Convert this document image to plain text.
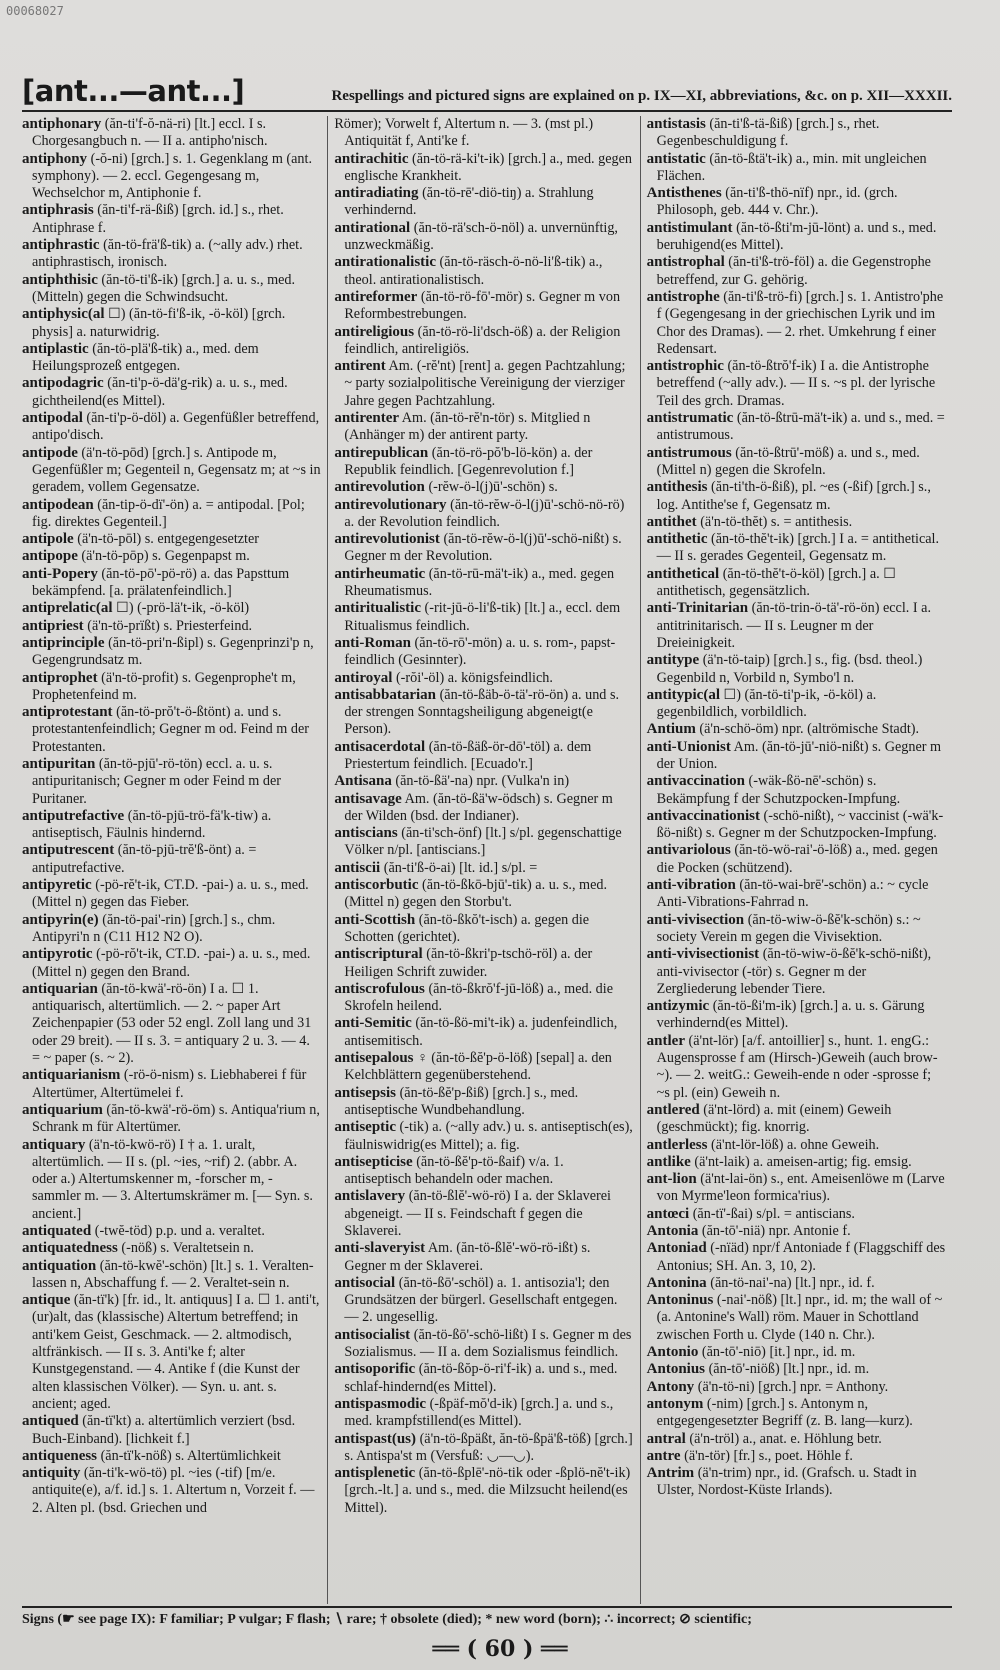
00068027
[ant...—ant...]	Respellings and pictured signs are explained on p. IX—XI, abbreviations, &c. on p. XII—XXXII.

antiphonary (ăn-ti'f-ŏ-nä-ri) [lt.] eccl. I s. Chorgesangbuch n. — II a. antipho'nisch.

antiphony (-ŏ-ni) [grch.] s. 1. Gegenklang m (ant. symphony). — 2. eccl. Gegengesang m, Wechselchor m, Antiphonie f.

antiphrasis (ăn-ti'f-rä-ßiß) [grch. id.] s., rhet. Antiphrase f.

antiphrastic (ăn-tö-frä'ß-tik) a. (~ally adv.) rhet. antiphrastisch, ironisch.

antiphthisic (ăn-tö-ti'ß-ik) [grch.] a. u. s., med. (Mitteln) gegen die Schwindsucht.

antiphysic(al ☐) (ăn-tö-fi'ß-ik, -ö-köl) [grch. physis] a. naturwidrig.

antiplastic (ăn-tö-plä'ß-tik) a., med. dem Heilungsprozeß entgegen.

antipodagric (ăn-ti'p-ö-dä'g-rik) a. u. s., med. gichtheilend(es Mittel).

antipodal (ăn-ti'p-ö-döl) a. Gegenfüßler betreffend, antipo'disch.

antipode (ä'n-tö-pōd) [grch.] s. Antipode m, Gegenfüßler m; Gegenteil n, Gegensatz m; at ~s in geradem, vollem Gegensatze.

antipodean (ăn-tip-ö-dï'-ön) a. = antipodal. [Pol; fig. direktes Gegenteil.]

antipole (ä'n-tö-pōl) s. entgegengesetzter

antipope (ä'n-tö-pōp) s. Gegenpapst m.

anti-Popery (ăn-tö-pō'-pö-rö) a. das Papsttum bekämpfend. [a. prälatenfeindlich.]

antiprelatic(al ☐) (-prö-lä't-ik, -ö-köl)

antipriest (ä'n-tö-prïßt) s. Priesterfeind.

antiprinciple (ăn-tö-pri'n-ßipl) s. Gegenprinzi'p n, Gegengrundsatz m.

antiprophet (ä'n-tö-profit) s. Gegenprophe't m, Prophetenfeind m.

antiprotestant (ăn-tö-prŏ't-ö-ßtönt) a. und s. protestantenfeindlich; Gegner m od. Feind m der Protestanten.

antipuritan (ăn-tö-pjū'-rö-tön) eccl. a. u. s. antipuritanisch; Gegner m oder Feind m der Puritaner.

antiputrefactive (ăn-tö-pjū-trö-fä'k-tiw) a. antiseptisch, Fäulnis hindernd.

antiputrescent (ăn-tö-pjū-trĕ'ß-önt) a. = antiputrefactive.

antipyretic (-pö-rĕ't-ik, CT.D. -pai-) a. u. s., med. (Mittel n) gegen das Fieber.

antipyrin(e) (ăn-tö-pai'-rin) [grch.] s., chm. Antipyri'n n (C11 H12 N2 O).

antipyrotic (-pö-rŏ't-ik, CT.D. -pai-) a. u. s., med. (Mittel n) gegen den Brand.

antiquarian (ăn-tö-kwä'-rö-ön) I a. ☐ 1. antiquarisch, altertümlich. — 2. ~ paper Art Zeichenpapier (53 oder 52 engl. Zoll lang und 31 oder 29 breit). — II s. 3. = antiquary 2 u. 3. — 4. = ~ paper (s. ~ 2).

antiquarianism (-rö-ö-nism) s. Liebhaberei f für Altertümer, Altertümelei f.

antiquarium (ăn-tö-kwä'-rö-öm) s. Antiqua'rium n, Schrank m für Altertümer.

antiquary (ä'n-tö-kwö-rö) I † a. 1. uralt, altertümlich. — II s. (pl. ~ies, ~rif) 2. (abbr. A. oder a.) Altertumskenner m, -forscher m, -sammler m. — 3. Altertumskrämer m. [— Syn. s. ancient.]

antiquated (-twĕ-töd) p.p. und a. veraltet.

antiquatedness (-nöß) s. Veraltetsein n.

antiquation (ăn-tö-kwĕ'-schön) [lt.] s. 1. Veralten-lassen n, Abschaffung f. — 2. Veraltet-sein n.

antique (ăn-tï'k) [fr. id., lt. antiquus] I a. ☐ 1. anti't, (ur)alt, das (klassische) Altertum betreffend; in anti'kem Geist, Geschmack. — 2. altmodisch, altfränkisch. — II s. 3. Anti'ke f; alter Kunstgegenstand. — 4. Antike f (die Kunst der alten klassischen Völker). — Syn. u. ant. s. ancient; aged.

antiqued (ăn-tï'kt) a. altertümlich verziert (bsd. Buch-Einband). [lichkeit f.]

antiqueness (ăn-tï'k-nöß) s. Altertümlichkeit

antiquity (ăn-ti'k-wö-tö) pl. ~ies (-tif) [m/e. antiquite(e), a/f. id.] s. 1. Altertum n, Vorzeit f. — 2. Alten pl. (bsd. Griechen und

Römer); Vorwelt f, Altertum n. — 3. (mst pl.) Antiquität f, Anti'ke f.

antirachitic (ăn-tö-rä-ki't-ik) [grch.] a., med. gegen englische Krankheit.

antiradiating (ăn-tö-rē'-diö-tiŋ) a. Strahlung verhindernd.

antirational (ăn-tö-rä'sch-ö-nöl) a. unvernünftig, unzweckmäßig.

antirationalistic (ăn-tö-räsch-ö-nö-li'ß-tik) a., theol. antirationalistisch.

antireformer (ăn-tö-rö-fō'-mör) s. Gegner m von Reformbestrebungen.

antireligious (ăn-tö-rö-li'dsch-öß) a. der Religion feindlich, antireligiös.

antirent Am. (-rĕ'nt) [rent] a. gegen Pachtzahlung; ~ party sozialpolitische Vereinigung der vierziger Jahre gegen Pachtzahlung.

antirenter Am. (ăn-tö-rĕ'n-tör) s. Mitglied n (Anhänger m) der antirent party.

antirepublican (ăn-tö-rö-pŏ'b-lö-kön) a. der Republik feindlich. [Gegenrevolution f.]

antirevolution (-rĕw-ö-l(j)ū'-schön) s.

antirevolutionary (ăn-tö-rĕw-ö-l(j)ū'-schö-nö-rö) a. der Revolution feindlich.

antirevolutionist (ăn-tö-rĕw-ö-l(j)ū'-schö-nißt) s. Gegner m der Revolution.

antirheumatic (ăn-tö-rū-mä't-ik) a., med. gegen Rheumatismus.

antiritualistic (-rit-jū-ö-li'ß-tik) [lt.] a., eccl. dem Ritualismus feindlich.

anti-Roman (ăn-tö-rō'-mön) a. u. s. rom-, papst-feindlich (Gesinnter).

antiroyal (-rŏi'-öl) a. königsfeindlich.

antisabbatarian (ăn-tö-ßäb-ö-tä'-rö-ön) a. und s. der strengen Sonntagsheiligung abgeneigt(e Person).

antisacerdotal (ăn-tö-ßäß-ör-dō'-töl) a. dem Priestertum feindlich. [Ecuado'r.]

Antisana (ăn-tö-ßä'-na) npr. (Vulka'n in)

antisavage Am. (ăn-tö-ßä'w-ödsch) s. Gegner m der Wilden (bsd. der Indianer).

antiscians (ăn-ti'sch-önf) [lt.] s/pl. gegenschattige Völker n/pl. [antiscians.]

antiscii (ăn-ti'ß-ö-ai) [lt. id.] s/pl. =

antiscorbutic (ăn-tö-ßkō-bjū'-tik) a. u. s., med. (Mittel n) gegen den Storbu't.

anti-Scottish (ăn-tö-ßkŏ't-isch) a. gegen die Schotten (gerichtet).

antiscriptural (ăn-tö-ßkri'p-tschö-röl) a. der Heiligen Schrift zuwider.

antiscrofulous (ăn-tö-ßkrŏ'f-jū-löß) a., med. die Skrofeln heilend.

anti-Semitic (ăn-tö-ßö-mi't-ik) a. judenfeindlich, antisemitisch.

antisepalous ♀ (ăn-tö-ßĕ'p-ö-löß) [sepal] a. den Kelchblättern gegenüberstehend.

antisepsis (ăn-tö-ßĕ'p-ßiß) [grch.] s., med. antiseptische Wundbehandlung.

antiseptic (-tik) a. (~ally adv.) u. s. antiseptisch(es), fäulniswidrig(es Mittel); a. fig.

antisepticise (ăn-tö-ßĕ'p-tö-ßaif) v/a. 1. antiseptisch behandeln oder machen.

antislavery (ăn-tö-ßlĕ'-wö-rö) I a. der Sklaverei abgeneigt. — II s. Feindschaft f gegen die Sklaverei.

anti-slaveryist Am. (ăn-tö-ßlĕ'-wö-rö-ißt) s. Gegner m der Sklaverei.

antisocial (ăn-tö-ßō'-schöl) a. 1. antisozia'l; den Grundsätzen der bürgerl. Gesellschaft entgegen. — 2. ungesellig.

antisocialist (ăn-tö-ßō'-schö-lißt) I s. Gegner m des Sozialismus. — II a. dem Sozialismus feindlich.

antisoporific (ăn-tö-ßŏp-ö-ri'f-ik) a. und s., med. schlaf-hindernd(es Mittel).

antispasmodic (-ßpäf-mŏ'd-ik) [grch.] a. und s., med. krampfstillend(es Mittel).

antispast(us) (ä'n-tö-ßpäßt, ăn-tö-ßpä'ß-töß) [grch.] s. Antispa'st m (Versfuß: ◡––◡).

antisplenetic (ăn-tö-ßplē'-nö-tik oder -ßplö-nĕ't-ik) [grch.-lt.] a. und s., med. die Milzsucht heilend(es Mittel).

antistasis (ăn-ti'ß-tä-ßiß) [grch.] s., rhet. Gegenbeschuldigung f.

antistatic (ăn-tö-ßtä't-ik) a., min. mit ungleichen Flächen.

Antisthenes (ăn-ti'ß-thö-nïf) npr., id. (grch. Philosoph, geb. 444 v. Chr.).

antistimulant (ăn-tö-ßti'm-jū-lönt) a. und s., med. beruhigend(es Mittel).

antistrophal (ăn-ti'ß-trö-föl) a. die Gegenstrophe betreffend, zur G. gehörig.

antistrophe (ăn-ti'ß-trö-fi) [grch.] s. 1. Antistro'phe f (Gegengesang in der griechischen Lyrik und im Chor des Dramas). — 2. rhet. Umkehrung f einer Redensart.

antistrophic (ăn-tö-ßtrŏ'f-ik) I a. die Antistrophe betreffend (~ally adv.). — II s. ~s pl. der lyrische Teil des grch. Dramas.

antistrumatic (ăn-tö-ßtrū-mä't-ik) a. und s., med. = antistrumous.

antistrumous (ăn-tö-ßtrū'-möß) a. und s., med. (Mittel n) gegen die Skrofeln.

antithesis (ăn-ti'th-ö-ßiß), pl. ~es (-ßif) [grch.] s., log. Antithe'se f, Gegensatz m.

antithet (ä'n-tö-thĕt) s. = antithesis.

antithetic (ăn-tö-thĕ't-ik) [grch.] I a. = antithetical. — II s. gerades Gegenteil, Gegensatz m.

antithetical (ăn-tö-thĕ't-ö-köl) [grch.] a. ☐ antithetisch, gegensätzlich.

anti-Trinitarian (ăn-tö-trin-ö-tä'-rö-ön) eccl. I a. antitrinitarisch. — II s. Leugner m der Dreieinigkeit.

antitype (ä'n-tö-taip) [grch.] s., fig. (bsd. theol.) Gegenbild n, Vorbild n, Symbo'l n.

antitypic(al ☐) (ăn-tö-ti'p-ik, -ö-köl) a. gegenbildlich, vorbildlich.

Antium (ä'n-schö-öm) npr. (altrömische Stadt).

anti-Unionist Am. (ăn-tö-jū'-niö-nißt) s. Gegner m der Union.

antivaccination (-wäk-ßö-nē'-schön) s. Bekämpfung f der Schutzpocken-Impfung.

antivaccinationist (-schö-nißt), ~ vaccinist (-wä'k-ßö-nißt) s. Gegner m der Schutzpocken-Impfung.

antivariolous (ăn-tö-wö-rai'-ö-löß) a., med. gegen die Pocken (schützend).

anti-vibration (ăn-tö-wai-brē'-schön) a.: ~ cycle Anti-Vibrations-Fahrrad n.

anti-vivisection (ăn-tö-wiw-ö-ßĕ'k-schön) s.: ~ society Verein m gegen die Vivisektion.

anti-vivisectionist (ăn-tö-wiw-ö-ßĕ'k-schö-nißt), anti-vivisector (-tör) s. Gegner m der Zergliederung lebender Tiere.

antizymic (ăn-tö-ßi'm-ik) [grch.] a. u. s. Gärung verhindernd(es Mittel).

antler (ä'nt-lör) [a/f. antoillier] s., hunt. 1. engG.: Augensprosse f am (Hirsch-)Geweih (auch brow-~). — 2. weitG.: Geweih-ende n oder -sprosse f; ~s pl. (ein) Geweih n.

antlered (ä'nt-lörd) a. mit (einem) Geweih (geschmückt); fig. knorrig.

antlerless (ä'nt-lör-löß) a. ohne Geweih.

antlike (ä'nt-laik) a. ameisen-artig; fig. emsig.

ant-lion (ä'nt-lai-ön) s., ent. Ameisenlöwe m (Larve von Myrme'leon formica'rius).

antœci (ăn-tï'-ßai) s/pl. = antiscians.

Antonia (ăn-tō'-niä) npr. Antonie f.

Antoniad (-nïäd) npr/f Antoniade f (Flaggschiff des Antonius; SH. An. 3, 10, 2).

Antonina (ăn-tö-nai'-na) [lt.] npr., id. f.

Antoninus (-nai'-nöß) [lt.] npr., id. m; the wall of ~ (a. Antonine's Wall) röm. Mauer in Schottland zwischen Forth u. Clyde (140 n. Chr.).

Antonio (ăn-tō'-niō) [it.] npr., id. m.

Antonius (ăn-tō'-niöß) [lt.] npr., id. m.

Antony (ä'n-tö-ni) [grch.] npr. = Anthony.

antonym (-nim) [grch.] s. Antonym n, entgegengesetzter Begriff (z. B. lang—kurz).

antral (ä'n-tröl) a., anat. e. Höhlung betr.

antre (ä'n-tör) [fr.] s., poet. Höhle f.

Antrim (ä'n-trim) npr., id. (Grafsch. u. Stadt in Ulster, Nordost-Küste Irlands).

Signs (☛ see page IX): F familiar; P vulgar; F flash; ∖ rare; † obsolete (died); * new word (born); ∴ incorrect; ⊘ scientific;
══ ( 60 ) ══
